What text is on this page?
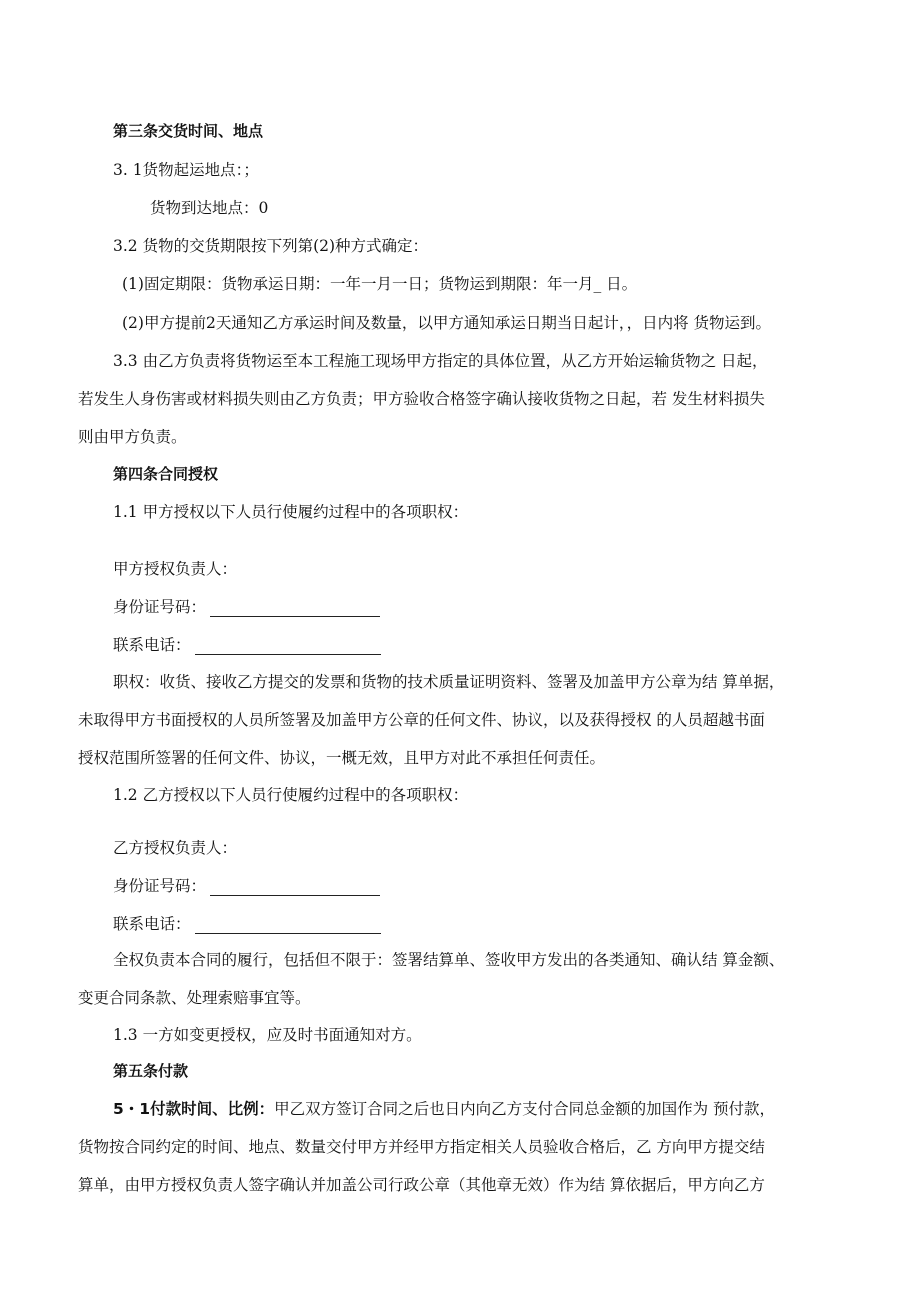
第三条交货时间、地点
3. 1货物起运地点：；
货物到达地点：0
3.2 货物的交货期限按下列第(2)种方式确定：
(1)固定期限：货物承运日期：一年一月一日；货物运到期限：年一月_ 日。
(2)甲方提前2天通知乙方承运时间及数量，以甲方通知承运日期当日起计，，日内将 货物运到。
3.3 由乙方负责将货物运至本工程施工现场甲方指定的具体位置，从乙方开始运输货物之 日起，
若发生人身伤害或材料损失则由乙方负责；甲方验收合格签字确认接收货物之日起，若 发生材料损失
则由甲方负责。
第四条合同授权
1.1 甲方授权以下人员行使履约过程中的各项职权：
甲方授权负责人：
身份证号码：
联系电话：
职权：收货、接收乙方提交的发票和货物的技术质量证明资料、签署及加盖甲方公章为结 算单据，
未取得甲方书面授权的人员所签署及加盖甲方公章的任何文件、协议，以及获得授权 的人员超越书面
授权范围所签署的任何文件、协议，一概无效，且甲方对此不承担任何责任。
1.2 乙方授权以下人员行使履约过程中的各项职权：
乙方授权负责人：
身份证号码：
联系电话：
全权负责本合同的履行，包括但不限于：签署结算单、签收甲方发出的各类通知、确认结 算金额、
变更合同条款、处理索赔事宜等。
1.3 一方如变更授权，应及时书面通知对方。
第五条付款
5・1付款时间、比例：甲乙双方签订合同之后也日内向乙方支付合同总金额的加国作为 预付款，
货物按合同约定的时间、地点、数量交付甲方并经甲方指定相关人员验收合格后，乙 方向甲方提交结
算单，由甲方授权负责人签字确认并加盖公司行政公章（其他章无效）作为结 算依据后，甲方向乙方
